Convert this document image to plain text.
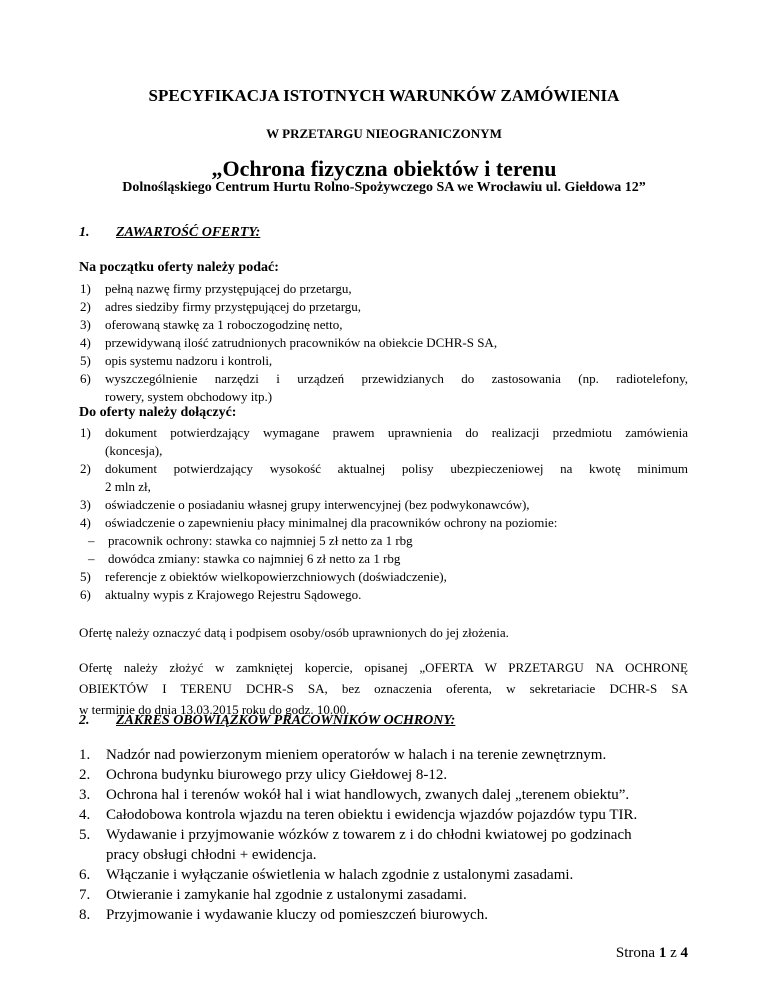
SPECYFIKACJA ISTOTNYCH WARUNKÓW ZAMÓWIENIA
W PRZETARGU NIEOGRANICZONYM
„Ochrona fizyczna obiektów i terenu
Dolnośląskiego Centrum Hurtu Rolno-Spożywczego SA we Wrocławiu ul. Giełdowa 12”
1. ZAWARTOŚĆ OFERTY:
Na początku oferty należy podać:
1) pełną nazwę firmy przystępującej do przetargu,
2) adres siedziby firmy przystępującej do przetargu,
3) oferowaną stawkę za 1 roboczogodzinę netto,
4) przewidywaną ilość zatrudnionych pracowników na obiekcie DCHR-S SA,
5) opis systemu nadzoru i kontroli,
6) wyszczególnienie narzędzi i urządzeń przewidzianych do zastosowania (np. radiotelefony,
rowery, system obchodowy itp.)
Do oferty należy dołączyć:
1) dokument potwierdzający wymagane prawem uprawnienia do realizacji przedmiotu zamówienia
(koncesja),
2) dokument potwierdzający wysokość aktualnej polisy ubezpieczeniowej na kwotę minimum
2 mln zł,
3) oświadczenie o posiadaniu własnej grupy interwencyjnej (bez podwykonawców),
4) oświadczenie o zapewnieniu płacy minimalnej dla pracowników ochrony na poziomie:
– pracownik ochrony: stawka co najmniej 5 zł netto za 1 rbg
– dowódca zmiany: stawka co najmniej 6 zł netto za 1 rbg
5) referencje z obiektów wielkopowierzchniowych (doświadczenie),
6) aktualny wypis z Krajowego Rejestru Sądowego.
Ofertę należy oznaczyć datą i podpisem osoby/osób uprawnionych do jej złożenia.
Ofertę należy złożyć w zamkniętej kopercie, opisanej „OFERTA W PRZETARGU NA OCHRONĘ
OBIEKTÓW I TERENU DCHR-S SA, bez oznaczenia oferenta, w sekretariacie DCHR-S SA
w terminie do dnia 13.03.2015 roku do godz. 10.00.
2. ZAKRES OBOWIĄZKÓW PRACOWNIKÓW OCHRONY:
1. Nadzór nad powierzonym mieniem operatorów w halach i na terenie zewnętrznym.
2. Ochrona budynku biurowego przy ulicy Giełdowej 8-12.
3. Ochrona hal i terenów wokół hal i wiat handlowych, zwanych dalej „terenem obiektu”.
4. Całodobowa kontrola wjazdu na teren obiektu i ewidencja wjazdów pojazdów typu TIR.
5. Wydawanie i przyjmowanie wózków z towarem z i do chłodni kwiatowej po godzinach
pracy obsługi chłodni + ewidencja.
6. Włączanie i wyłączanie oświetlenia w halach zgodnie z ustalonymi zasadami.
7. Otwieranie i zamykanie hal zgodnie z ustalonymi zasadami.
8. Przyjmowanie i wydawanie kluczy od pomieszczeń biurowych.
Strona 1 z 4
